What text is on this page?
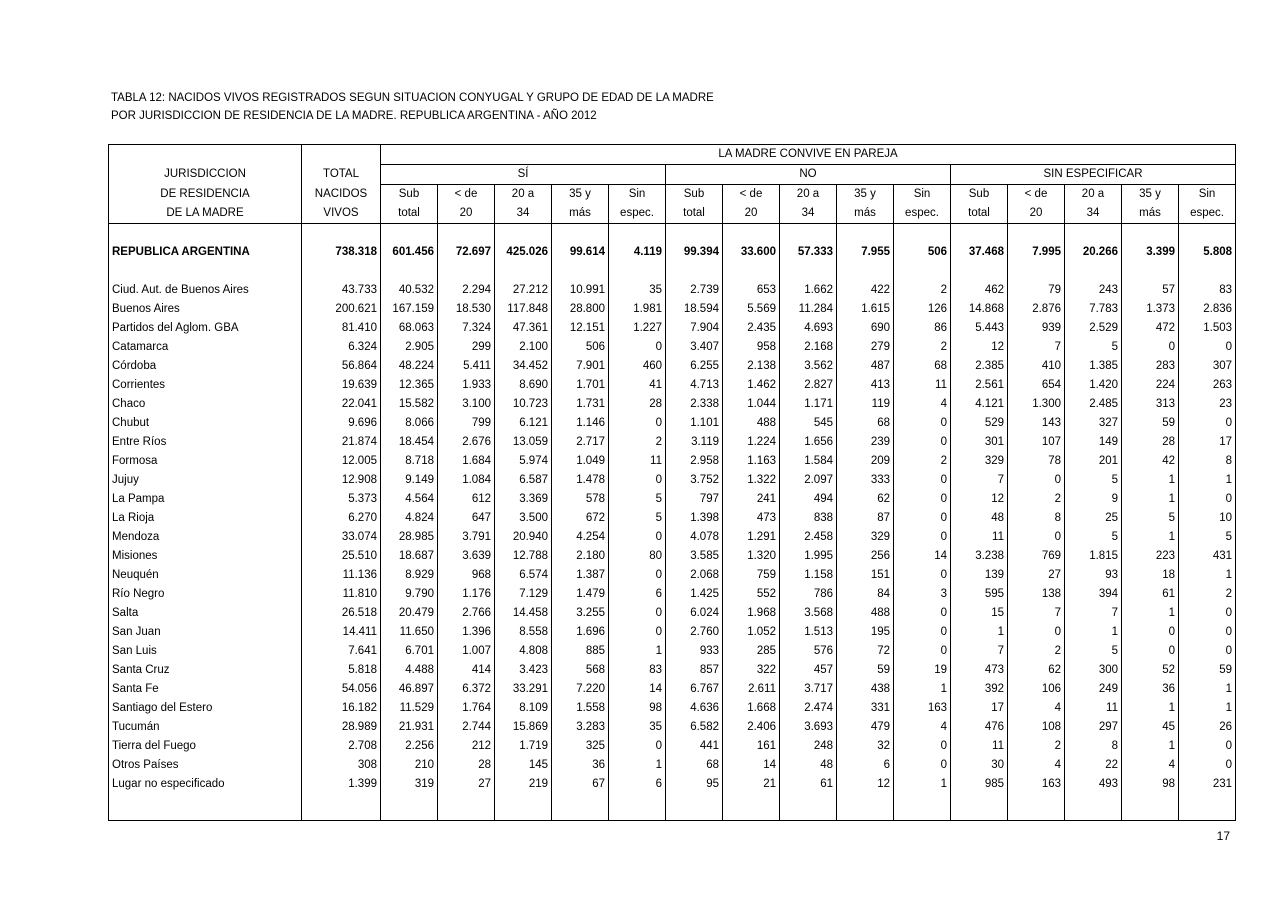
TABLA 12: NACIDOS VIVOS REGISTRADOS SEGUN SITUACION CONYUGAL Y GRUPO DE EDAD DE LA MADRE
POR JURISDICCION DE RESIDENCIA DE LA MADRE. REPUBLICA ARGENTINA - AÑO 2012
		LA MADRE CONVIVE EN PAREJA														
JURISDICCION	TOTAL	SÍ					NO					SIN ESPECIFICAR				
DE RESIDENCIA	NACIDOS	Sub	< de	20 a	35 y	Sin	Sub	< de	20 a	35 y	Sin	Sub	< de	20 a	35 y	Sin
DE LA MADRE	VIVOS	total	20	34	más	espec.	total	20	34	más	espec.	total	20	34	más	espec.

REPUBLICA ARGENTINA	738.318	601.456	72.697	425.026	99.614	4.119	99.394	33.600	57.333	7.955	506	37.468	7.995	20.266	3.399	5.808

Ciud. Aut. de Buenos Aires	43.733	40.532	2.294	27.212	10.991	35	2.739	653	1.662	422	2	462	79	243	57	83
Buenos Aires	200.621	167.159	18.530	117.848	28.800	1.981	18.594	5.569	11.284	1.615	126	14.868	2.876	7.783	1.373	2.836
Partidos del Aglom. GBA	81.410	68.063	7.324	47.361	12.151	1.227	7.904	2.435	4.693	690	86	5.443	939	2.529	472	1.503
Catamarca	6.324	2.905	299	2.100	506	0	3.407	958	2.168	279	2	12	7	5	0	0
Córdoba	56.864	48.224	5.411	34.452	7.901	460	6.255	2.138	3.562	487	68	2.385	410	1.385	283	307
Corrientes	19.639	12.365	1.933	8.690	1.701	41	4.713	1.462	2.827	413	11	2.561	654	1.420	224	263
Chaco	22.041	15.582	3.100	10.723	1.731	28	2.338	1.044	1.171	119	4	4.121	1.300	2.485	313	23
Chubut	9.696	8.066	799	6.121	1.146	0	1.101	488	545	68	0	529	143	327	59	0
Entre Ríos	21.874	18.454	2.676	13.059	2.717	2	3.119	1.224	1.656	239	0	301	107	149	28	17
Formosa	12.005	8.718	1.684	5.974	1.049	11	2.958	1.163	1.584	209	2	329	78	201	42	8
Jujuy	12.908	9.149	1.084	6.587	1.478	0	3.752	1.322	2.097	333	0	7	0	5	1	1
La Pampa	5.373	4.564	612	3.369	578	5	797	241	494	62	0	12	2	9	1	0
La Rioja	6.270	4.824	647	3.500	672	5	1.398	473	838	87	0	48	8	25	5	10
Mendoza	33.074	28.985	3.791	20.940	4.254	0	4.078	1.291	2.458	329	0	11	0	5	1	5
Misiones	25.510	18.687	3.639	12.788	2.180	80	3.585	1.320	1.995	256	14	3.238	769	1.815	223	431
Neuquén	11.136	8.929	968	6.574	1.387	0	2.068	759	1.158	151	0	139	27	93	18	1
Río Negro	11.810	9.790	1.176	7.129	1.479	6	1.425	552	786	84	3	595	138	394	61	2
Salta	26.518	20.479	2.766	14.458	3.255	0	6.024	1.968	3.568	488	0	15	7	7	1	0
San Juan	14.411	11.650	1.396	8.558	1.696	0	2.760	1.052	1.513	195	0	1	0	1	0	0
San Luis	7.641	6.701	1.007	4.808	885	1	933	285	576	72	0	7	2	5	0	0
Santa Cruz	5.818	4.488	414	3.423	568	83	857	322	457	59	19	473	62	300	52	59
Santa Fe	54.056	46.897	6.372	33.291	7.220	14	6.767	2.611	3.717	438	1	392	106	249	36	1
Santiago del Estero	16.182	11.529	1.764	8.109	1.558	98	4.636	1.668	2.474	331	163	17	4	11	1	1
Tucumán	28.989	21.931	2.744	15.869	3.283	35	6.582	2.406	3.693	479	4	476	108	297	45	26
Tierra del Fuego	2.708	2.256	212	1.719	325	0	441	161	248	32	0	11	2	8	1	0
Otros Países	308	210	28	145	36	1	68	14	48	6	0	30	4	22	4	0
Lugar no especificado	1.399	319	27	219	67	6	95	21	61	12	1	985	163	493	98	231

17
